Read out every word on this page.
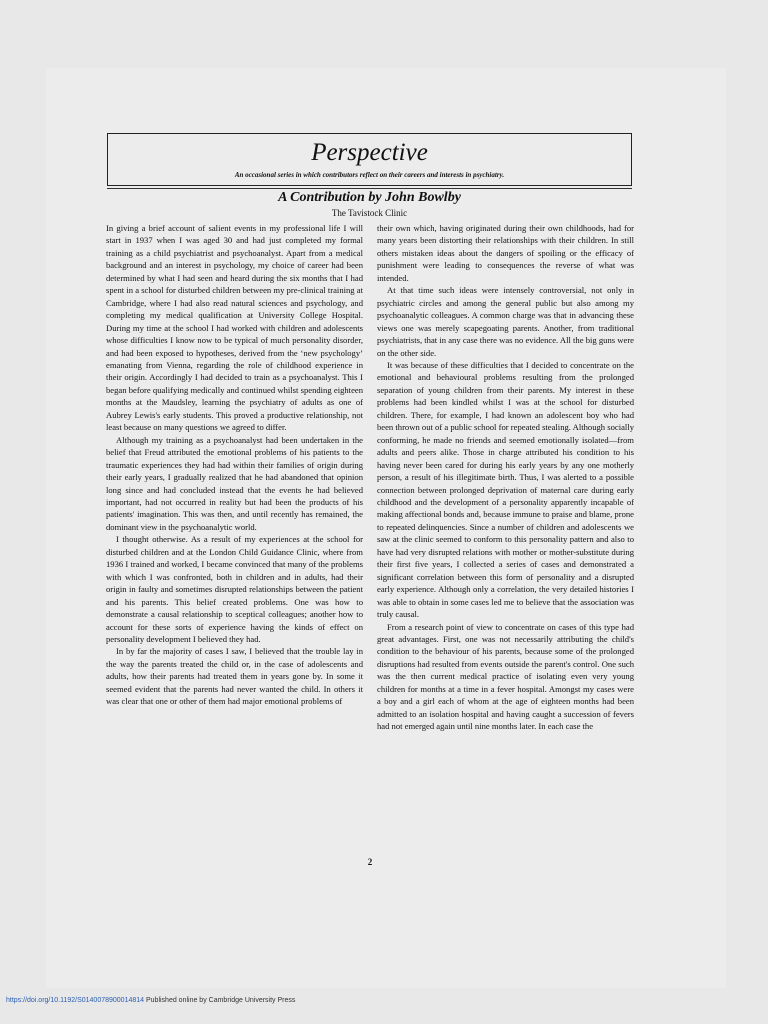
Perspective
An occasional series in which contributors reflect on their careers and interests in psychiatry.
A Contribution by John Bowlby
The Tavistock Clinic

In giving a brief account of salient events in my professional life I will start in 1937 when I was aged 30 and had just completed my formal training as a child psychiatrist and psychoanalyst. Apart from a medical background and an interest in psychology, my choice of career had been determined by what I had seen and heard during the six months that I had spent in a school for disturbed children between my pre-clinical training at Cambridge, where I had also read natural sciences and psychology, and completing my medical qualification at University College Hospital. During my time at the school I had worked with children and adolescents whose difficulties I know now to be typical of much personality disorder, and had been exposed to hypotheses, derived from the ‘new psychology’ emanating from Vienna, regarding the role of childhood experience in their origin. Accordingly I had decided to train as a psychoanalyst. This I began before qualifying medically and continued whilst spending eighteen months at the Maudsley, learning the psychiatry of adults as one of Aubrey Lewis's early students. This proved a productive relationship, not least because on many questions we agreed to differ.

Although my training as a psychoanalyst had been undertaken in the belief that Freud attributed the emotional problems of his patients to the traumatic experiences they had had within their families of origin during their early years, I gradually realized that he had abandoned that opinion long since and had concluded instead that the events he had believed important, had not occurred in reality but had been the products of his patients' imagination. This was then, and until recently has remained, the dominant view in the psychoanalytic world.

I thought otherwise. As a result of my experiences at the school for disturbed children and at the London Child Guidance Clinic, where from 1936 I trained and worked, I became convinced that many of the problems with which I was confronted, both in children and in adults, had their origin in faulty and sometimes disrupted relationships between the patient and his parents. This belief created problems. One was how to demonstrate a causal relationship to sceptical colleagues; another how to account for these sorts of experience having the kinds of effect on personality development I believed they had.

In by far the majority of cases I saw, I believed that the trouble lay in the way the parents treated the child or, in the case of adolescents and adults, how their parents had treated them in years gone by. In some it seemed evident that the parents had never wanted the child. In others it was clear that one or other of them had major emotional problems of

their own which, having originated during their own childhoods, had for many years been distorting their relationships with their children. In still others mistaken ideas about the dangers of spoiling or the efficacy of punishment were leading to consequences the reverse of what was intended.

At that time such ideas were intensely controversial, not only in psychiatric circles and among the general public but also among my psychoanalytic colleagues. A common charge was that in advancing these views one was merely scapegoating parents. Another, from traditional psychiatrists, that in any case there was no evidence. All the big guns were on the other side.

It was because of these difficulties that I decided to concentrate on the emotional and behavioural problems resulting from the prolonged separation of young children from their parents. My interest in these problems had been kindled whilst I was at the school for disturbed children. There, for example, I had known an adolescent boy who had been thrown out of a public school for repeated stealing. Although socially conforming, he made no friends and seemed emotionally isolated—from adults and peers alike. Those in charge attributed his condition to his having never been cared for during his early years by any one motherly person, a result of his illegitimate birth. Thus, I was alerted to a possible connection between prolonged deprivation of maternal care during early childhood and the development of a personality apparently incapable of making affectional bonds and, because immune to praise and blame, prone to repeated delinquencies. Since a number of children and adolescents we saw at the clinic seemed to conform to this personality pattern and also to have had very disrupted relations with mother or mother-substitute during their first five years, I collected a series of cases and demonstrated a significant correlation between this form of personality and a disrupted early experience. Although only a correlation, the very detailed histories I was able to obtain in some cases led me to believe that the association was truly causal.

From a research point of view to concentrate on cases of this type had great advantages. First, one was not necessarily attributing the child's condition to the behaviour of his parents, because some of the prolonged disruptions had resulted from events outside the parent's control. One such was the then current medical practice of isolating even very young children for months at a time in a fever hospital. Amongst my cases were a boy and a girl each of whom at the age of eighteen months had been admitted to an isolation hospital and having caught a succession of fevers had not emerged again until nine months later. In each case the

2
https://doi.org/10.1192/S0140078900014814 Published online by Cambridge University Press
